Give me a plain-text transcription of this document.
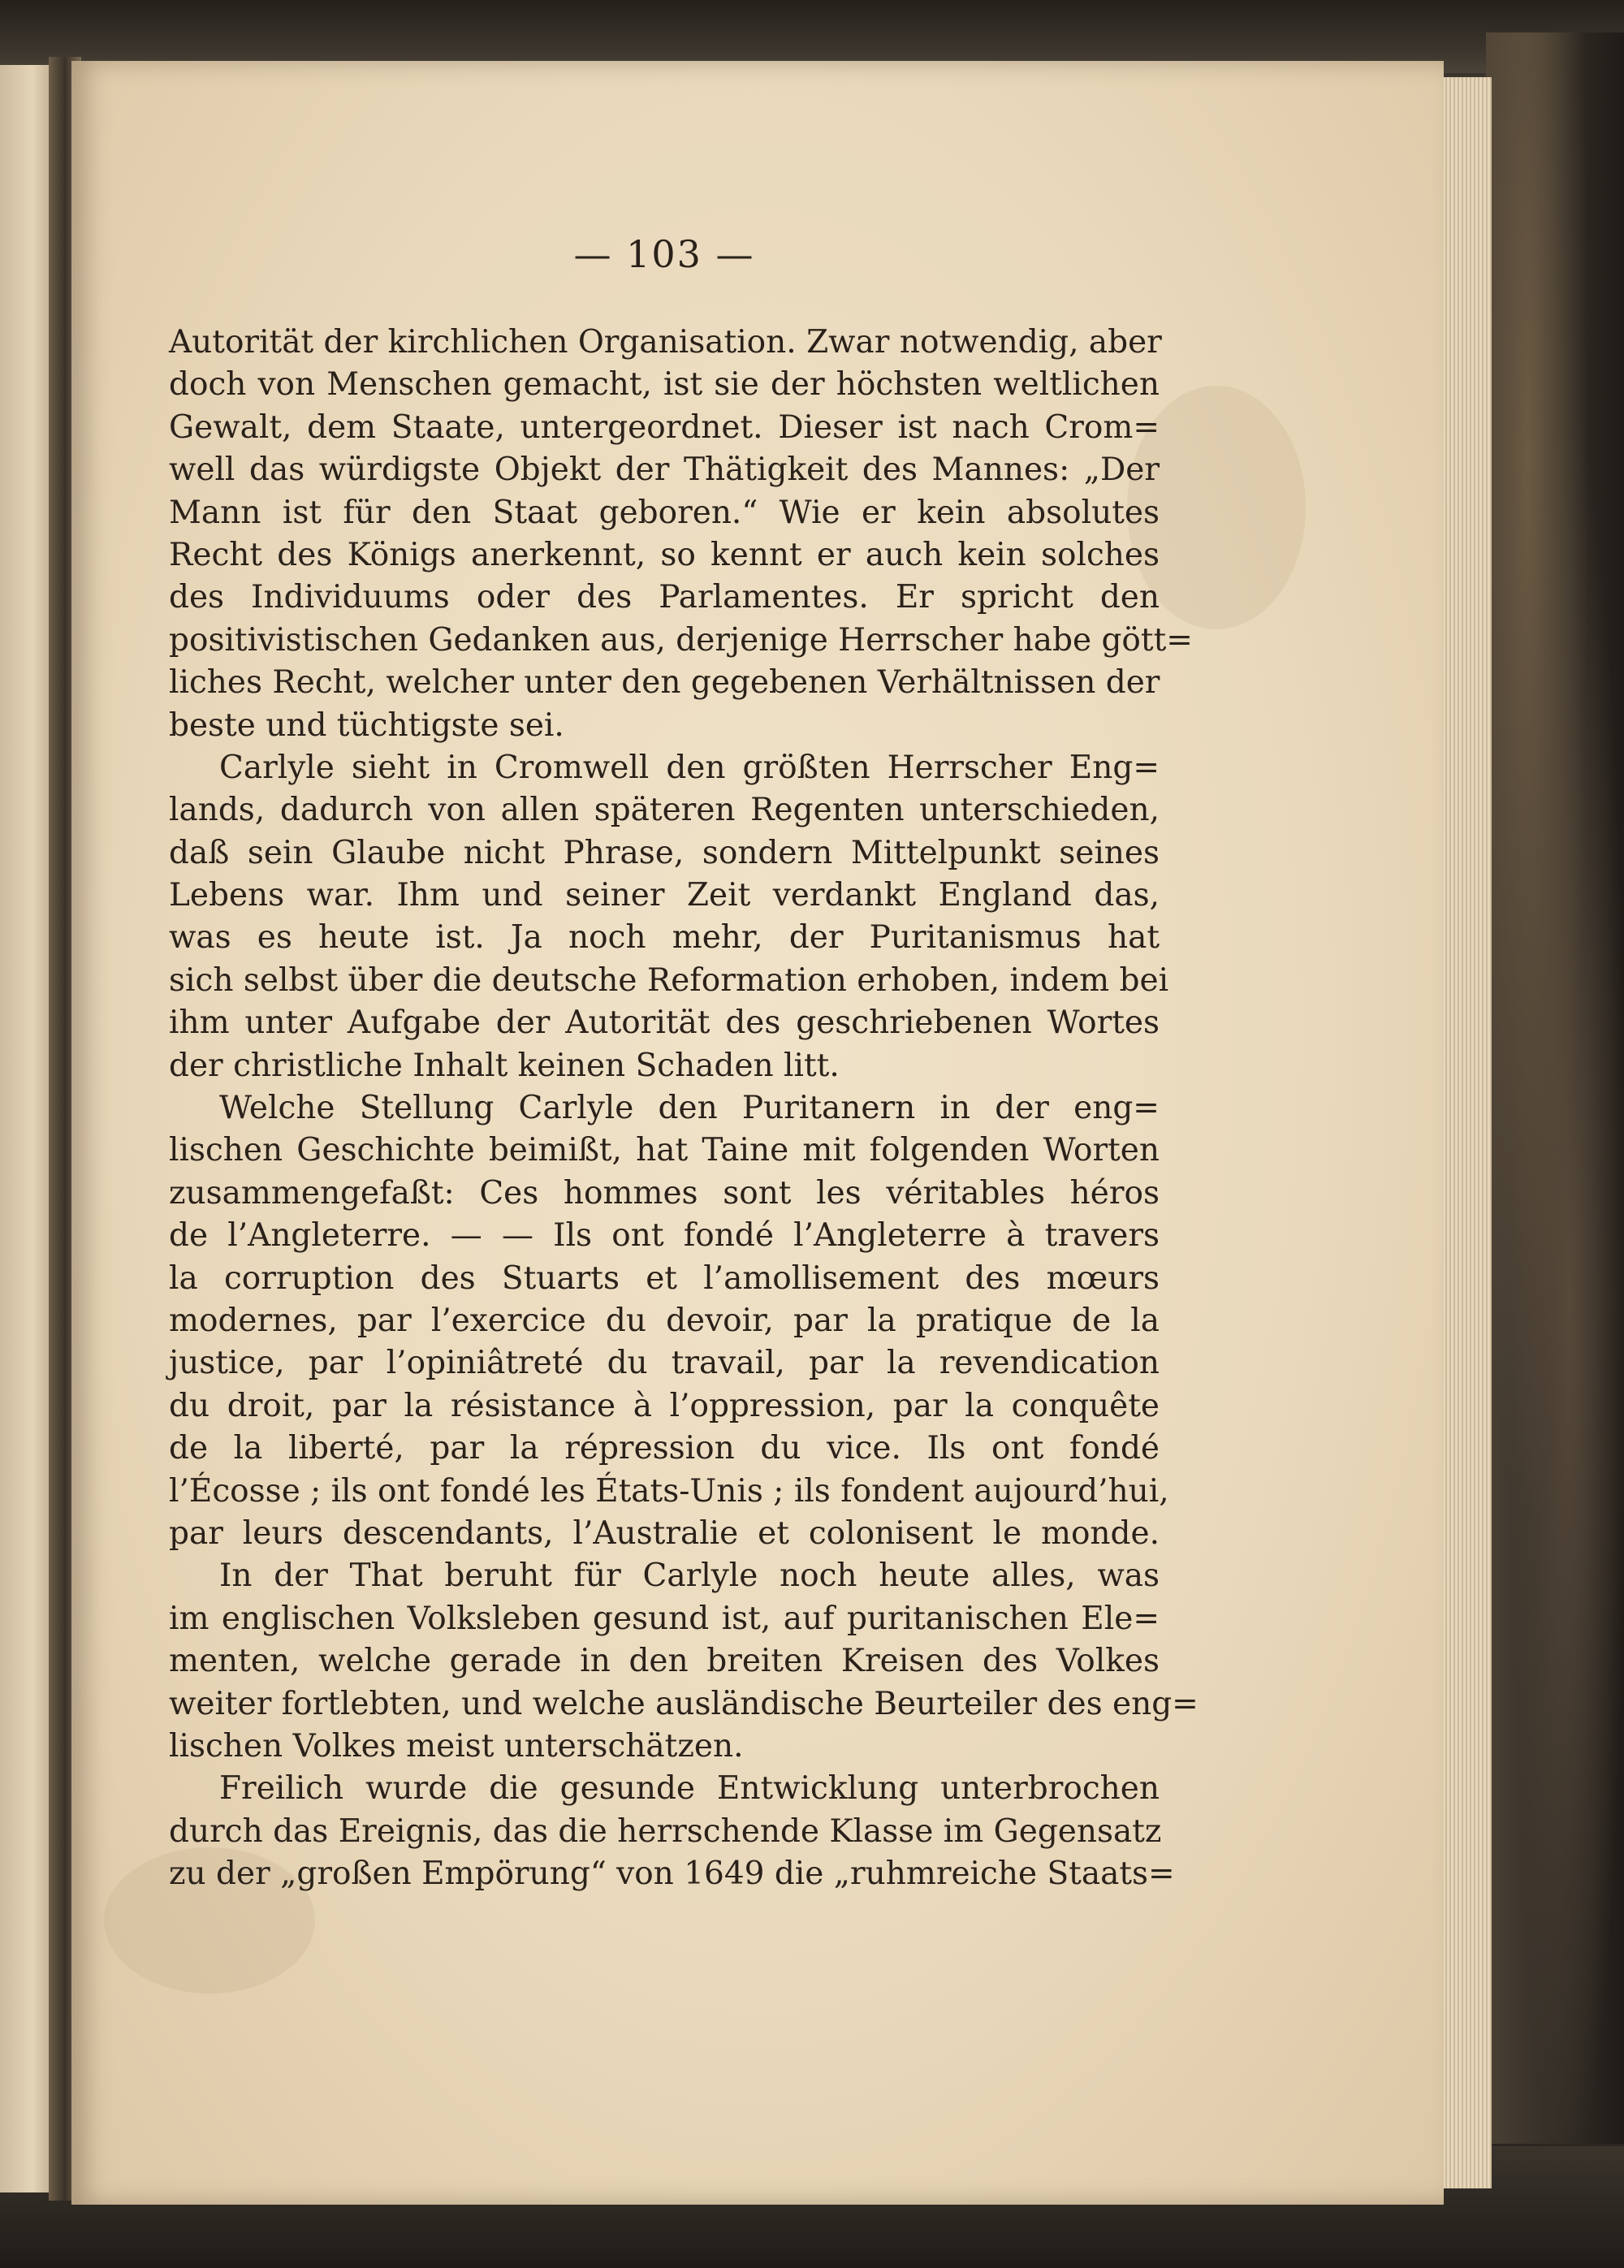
— 103 —
Autorität der kirchlichen Organisation. Zwar notwendig, aber
doch von Menschen gemacht, ist sie der höchsten weltlichen
Gewalt, dem Staate, untergeordnet. Dieser ist nach Crom=
well das würdigste Objekt der Thätigkeit des Mannes: „Der
Mann ist für den Staat geboren.“ Wie er kein absolutes
Recht des Königs anerkennt, so kennt er auch kein solches
des Individuums oder des Parlamentes. Er spricht den
positivistischen Gedanken aus, derjenige Herrscher habe gött=
liches Recht, welcher unter den gegebenen Verhältnissen der
beste und tüchtigste sei.
Carlyle sieht in Cromwell den größten Herrscher Eng=
lands, dadurch von allen späteren Regenten unterschieden,
daß sein Glaube nicht Phrase, sondern Mittelpunkt seines
Lebens war. Ihm und seiner Zeit verdankt England das,
was es heute ist. Ja noch mehr, der Puritanismus hat
sich selbst über die deutsche Reformation erhoben, indem bei
ihm unter Aufgabe der Autorität des geschriebenen Wortes
der christliche Inhalt keinen Schaden litt.
Welche Stellung Carlyle den Puritanern in der eng=
lischen Geschichte beimißt, hat Taine mit folgenden Worten
zusammengefaßt: Ces hommes sont les véritables héros
de l’Angleterre. — — Ils ont fondé l’Angleterre à travers
la corruption des Stuarts et l’amollisement des mœurs
modernes, par l’exercice du devoir, par la pratique de la
justice, par l’opiniâtreté du travail, par la revendication
du droit, par la résistance à l’oppression, par la conquête
de la liberté, par la répression du vice. Ils ont fondé
l’Écosse ; ils ont fondé les États-Unis ; ils fondent aujourd’hui,
par leurs descendants, l’Australie et colonisent le monde.
In der That beruht für Carlyle noch heute alles, was
im englischen Volksleben gesund ist, auf puritanischen Ele=
menten, welche gerade in den breiten Kreisen des Volkes
weiter fortlebten, und welche ausländische Beurteiler des eng=
lischen Volkes meist unterschätzen.
Freilich wurde die gesunde Entwicklung unterbrochen
durch das Ereignis, das die herrschende Klasse im Gegensatz
zu der „großen Empörung“ von 1649 die „ruhmreiche Staats=
